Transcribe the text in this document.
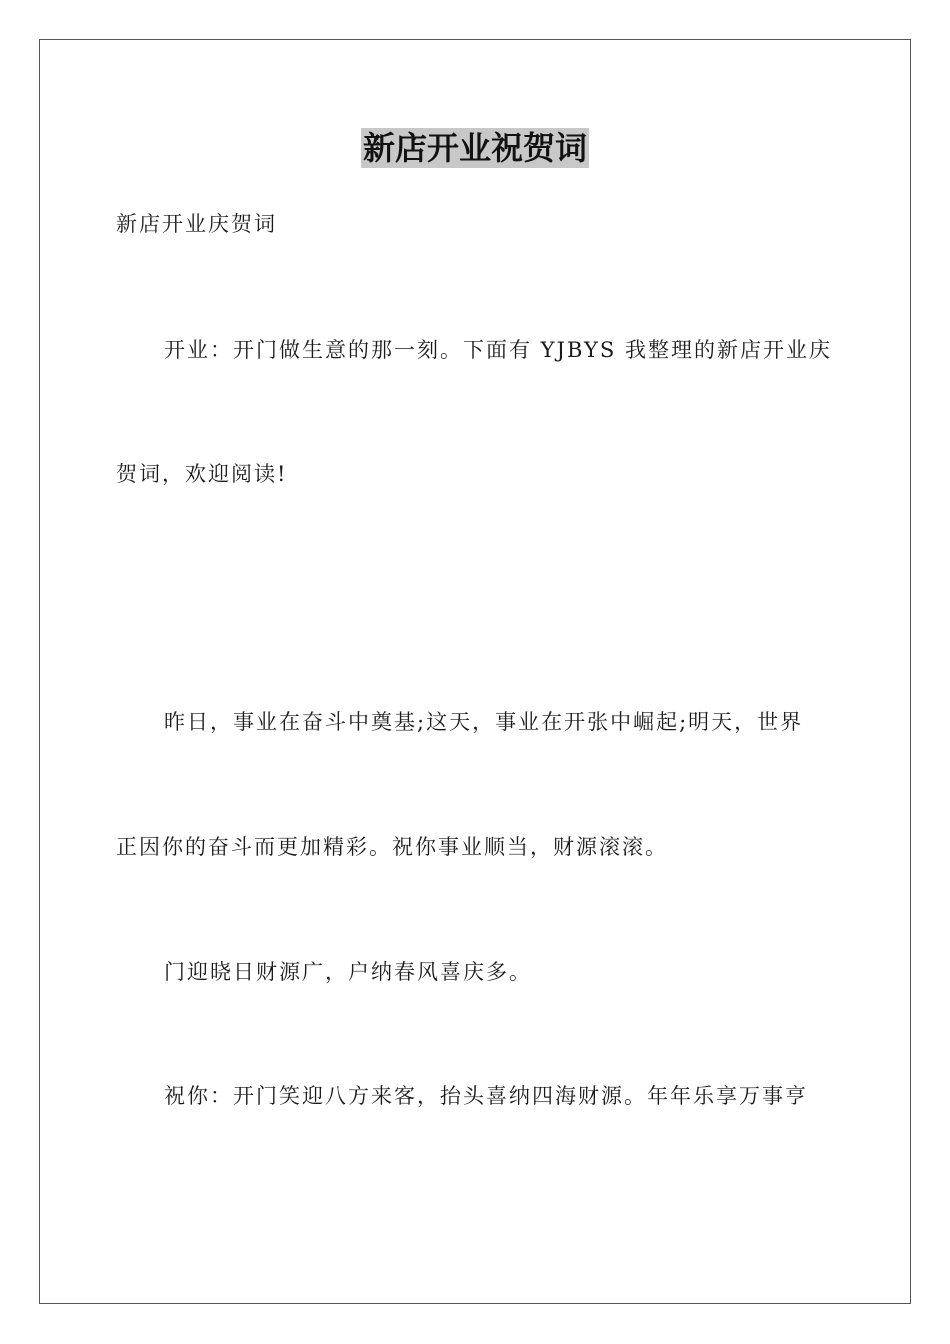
新店开业祝贺词
新店开业庆贺词
开业：开门做生意的那一刻。下面有 YJBYS 我整理的新店开业庆
贺词，欢迎阅读!
昨日，事业在奋斗中奠基;这天，事业在开张中崛起;明天，世界
正因你的奋斗而更加精彩。祝你事业顺当，财源滚滚。
门迎晓日财源广，户纳春风喜庆多。
祝你：开门笑迎八方来客，抬头喜纳四海财源。年年乐享万事亨
